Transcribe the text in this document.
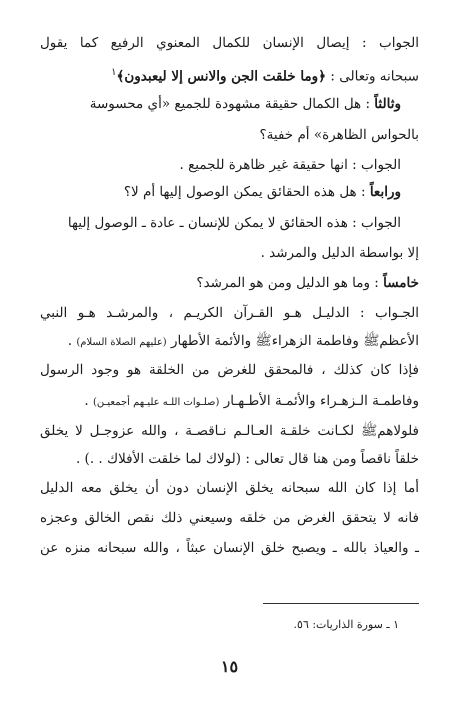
الجواب : إيصال الإنسان للكمال المعنوي الرفيع كما يقول
سبحانه وتعالى : ﴿وما خلقت الجن والانس إلا ليعبدون﴾$^١$
وثالثاً : هل الكمال حقيقة مشهودة للجميع «أي محسوسة
بالحواس الظاهرة» أم خفية؟
الجواب : انها حقيقة غير ظاهرة للجميع .
ورابعاً : هل هذه الحقائق يمكن الوصول إليها أم لا؟
الجواب : هذه الحقائق لا يمكن للإنسان ـ عادة ـ الوصول إليها
إلا بواسطة الدليل والمرشد .
خامساً : وما هو الدليل ومن هو المرشد؟
الجـواب : الدليـل هـو القـرآن الكريـم ، والمرشـد هـو النبي
الأعظمﷺ وفاطمة الزهراءﷺ والأئمة الأطهار (عليهم الصلاة السلام) .
فإذا كان كذلك ، فالمحقق للغرض من الخلقة هو وجود الرسول
وفاطمـة الـزهـراء والأئمـة الأطـهـار (صلـوات اللـه عليـهم أجمعيـن) .
فلولاهمﷺ لكـانت خلقـة العـالـم نـاقصـة ، والله عزوجـل لا يخلق
خلقاً ناقصاً ومن هنا قال تعالى : (لولاك لما خلقت الأفلاك . .) .
أما إذا كان الله سبحانه يخلق الإنسان دون أن يخلق معه الدليل
فانه لا يتحقق الغرض من خلقه وسيعني ذلك نقص الخالق وعجزه
ـ والعياذ بالله ـ ويصبح خلق الإنسان عبثاً ، والله سبحانه منزه عن
١ ـ سورة الذاريات: ٥٦.
١٥
